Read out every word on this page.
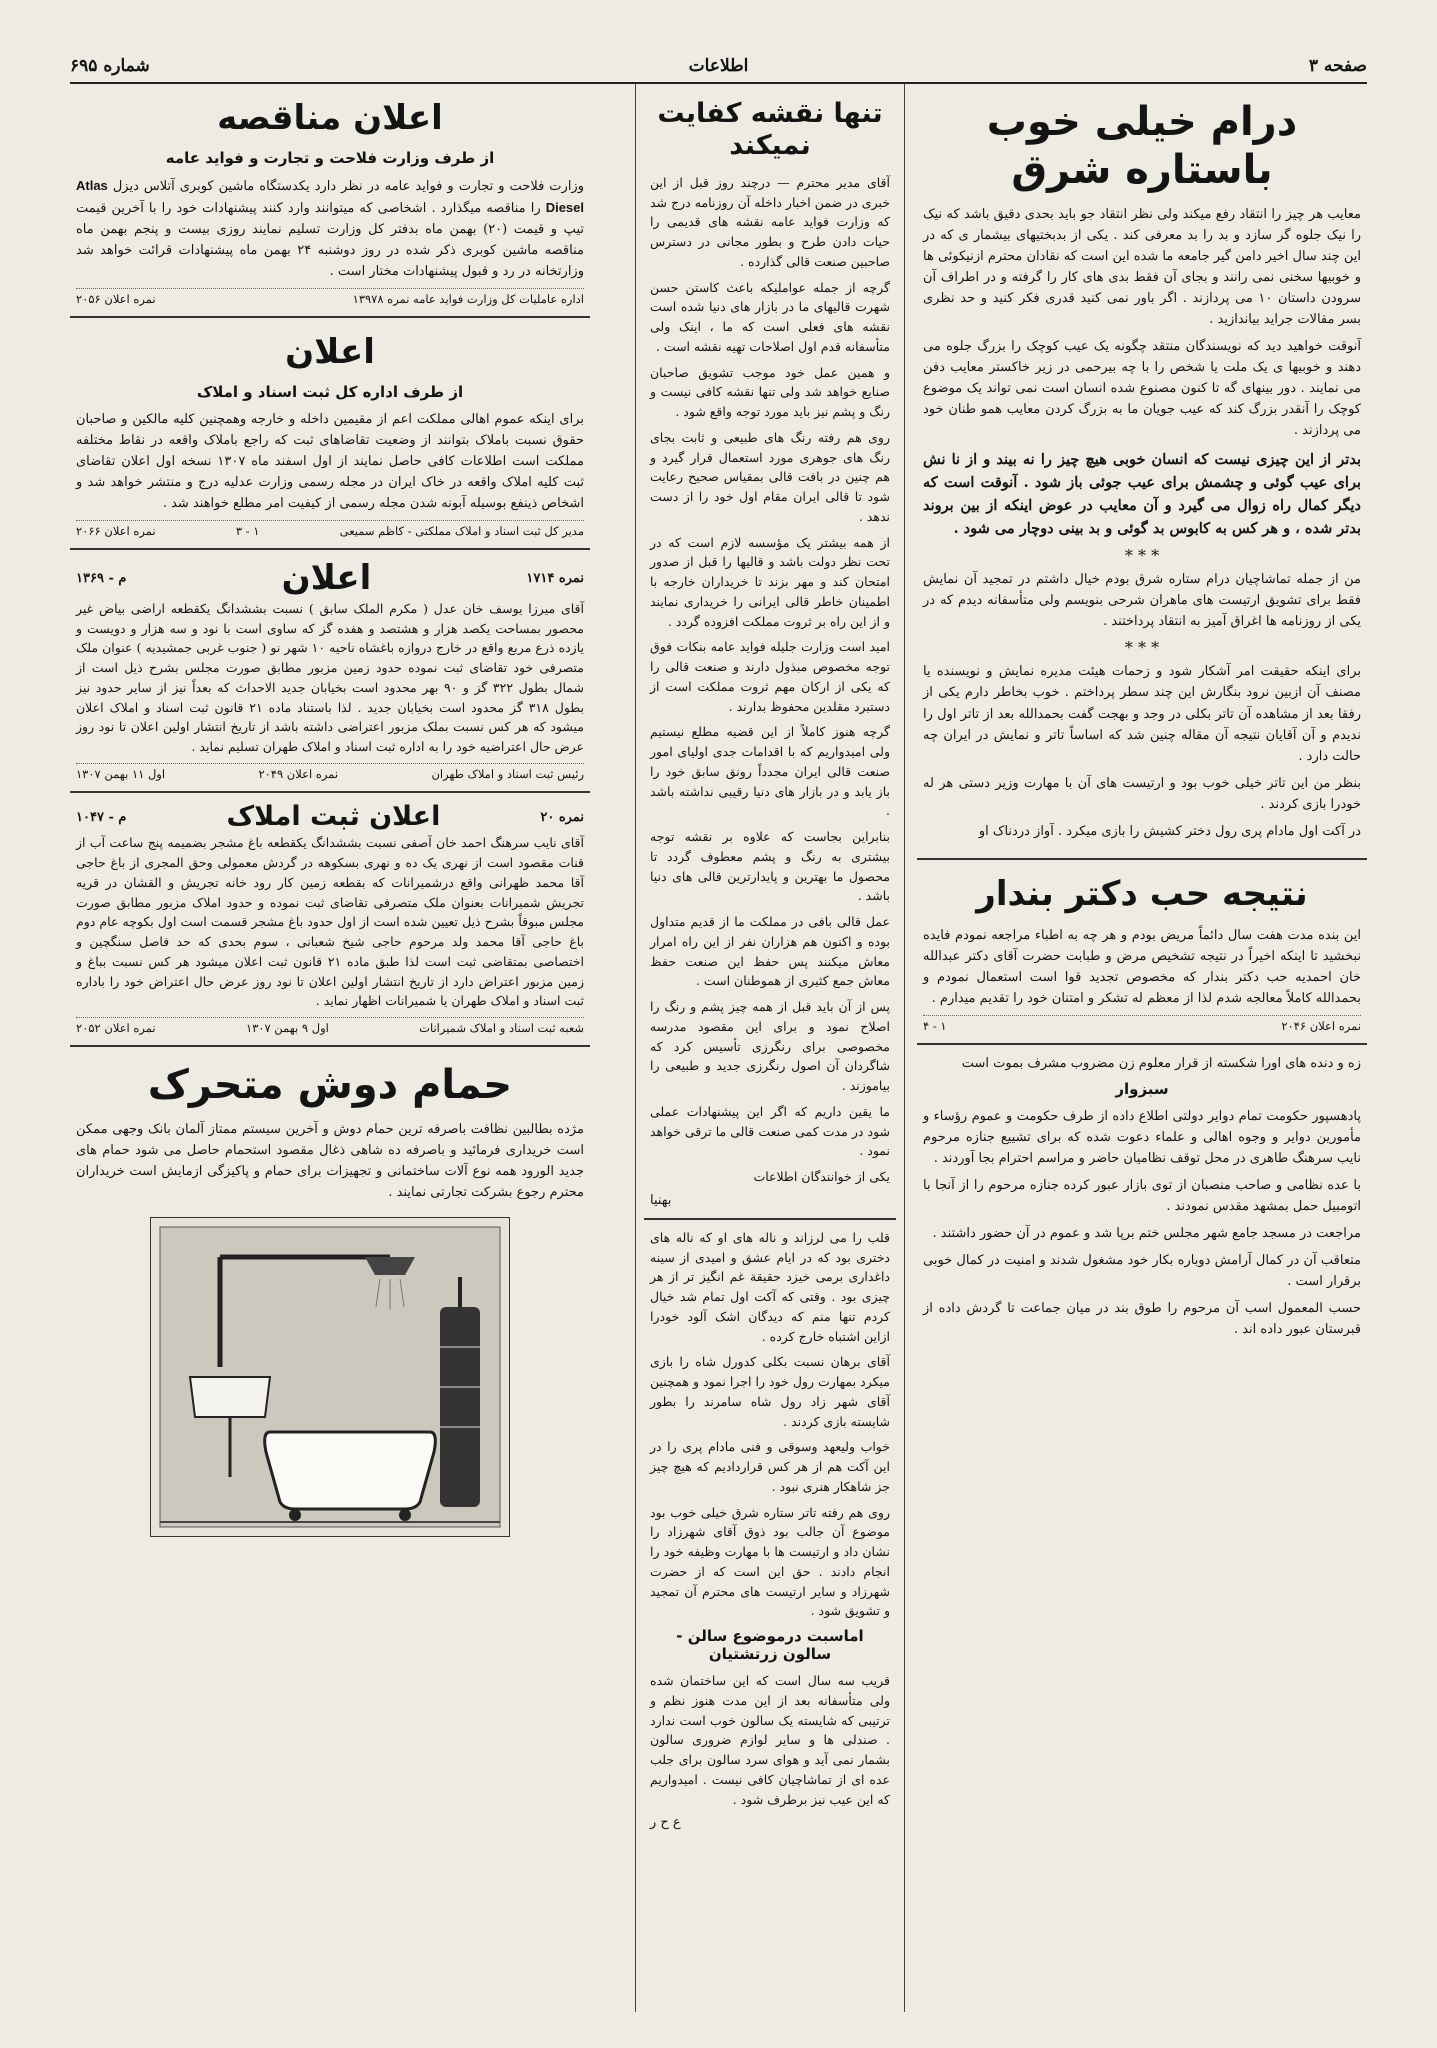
صفحه ۳
اطلاعات
شماره ۶۹۵
درام خیلی خوب باستاره شرق

معایب هر چیز را انتقاد رفع میکند ولی نظر انتقاد جو باید بحدی دقیق باشد که نیک را نیک جلوه گر سازد و بد را بد معرفی کند . یکی از بدبختیهای بیشمار ی که در این چند سال اخیر دامن گیر جامعه ما شده این است که نقادان محترم ازنیکوئی ها و خوبیها سخنی نمی رانند و بجای آن فقط بدی های کار را گرفته و در اطراف آن سرودن داستان ۱۰ می پردازند . اگر باور نمی کنید قدری فکر کنید و حد نظری بسر مقالات جراید بیاندازید .

آنوقت خواهید دید که نویسندگان منتقد چگونه یک عیب کوچک را بزرگ جلوه می دهند و خوبیها ی یک ملت یا شخص را با چه بیرحمی در زیر خاکستر معایب دفن می نمایند . دور بینهای گه تا کنون مصنوع شده انسان است نمی تواند یک موضوع کوچک را آنقدر بزرگ کند که عیب جویان ما به بزرگ کردن معایب همو طنان خود می پردازند .

بدتر از این چیزی نیست که انسان خوبی هیچ چیز را نه بیند و از نا نش برای عیب گوئی و چشمش برای عیب جوئی باز شود . آنوقت است که دیگر کمال راه زوال می گیرد و آن معایب در عوض اینکه از بین بروند بدتر شده ، و هر کس به کابوس بد گوئی و بد بینی دوچار می شود .

* * *

من از جمله تماشاچیان درام ستاره شرق بودم خیال داشتم در تمجید آن نمایش فقط برای تشویق ارتیست های ماهران شرحی بنویسم ولی متأسفانه دیدم که در یکی از روزنامه ها اغراق آمیز به انتقاد پرداختند .

* * *

برای اینکه حقیقت امر آشکار شود و زحمات هیئت مدیره نمایش و نویسنده یا مصنف آن ازبین نرود بنگارش این چند سطر پرداختم . خوب بخاطر دارم یکی از رفقا بعد از مشاهده آن تاتر بکلی در وجد و بهجت گفت بحمدالله بعد از تاتر اول را ندیدم و آن آقایان نتیجه آن مقاله چنین شد که اساساً تاتر و نمایش در ایران چه حالت دارد .

بنظر من این تاتر خیلی خوب بود و ارتیست های آن با مهارت وزیر دستی هر له خودرا بازی کردند .

در آکت اول مادام پری رول دختر کشیش را بازی میکرد . آواز دردناک او

نتیجه حب دکتر بندار

این بنده مدت هفت سال دائماً مریض بودم و هر چه به اطباء مراجعه نمودم فایده نبخشید تا اینکه اخیراً در نتیجه تشخیص مرض و طبابت حضرت آقای دکتر عبدالله خان احمدیه حب دکتر بندار که مخصوص تجدید قوا است استعمال نمودم و بحمدالله کاملاً معالجه شدم لذا از معظم له تشکر و امتنان خود را تقدیم میدارم .

نمره اعلان ۲۰۴۶
۱ - ۴

زه و دنده های اورا شکسته از قرار معلوم زن مضروب مشرف بموت است

سبزوار

پادهسپور حکومت تمام دوایر دولتی اطلاع داده از طرف حکومت و عموم رؤساء و مأمورین دوایر و وجوه اهالی و علماء دعوت شده که برای تشییع جنازه مرحوم نایب سرهنگ طاهری در محل توقف نظامیان حاضر و مراسم احترام بجا آوردند .

با عده نظامی و صاحب منصبان از توی بازار عبور کرده جنازه مرحوم را از آنجا با اتومبیل حمل بمشهد مقدس نمودند .

مراجعت در مسجد جامع شهر مجلس ختم برپا شد و عموم در آن حضور داشتند .

متعاقب آن در کمال آرامش دوباره بکار خود مشغول شدند و امنیت در کمال خوبی برقرار است .

حسب المعمول اسب آن مرحوم را طوق بند در میان جماعت تا گردش داده از قبرستان عبور داده اند .

تنها نقشه کفایت نمیکند

آقای مدیر محترم — درچند روز قبل از این خبری در ضمن اخبار داخله آن روزنامه درج شد که وزارت فواید عامه نقشه های قدیمی را حیات دادن طرح و بطور مجانی در دسترس صاحبین صنعت قالی گذارده .

گرچه از جمله عواملیکه باعث کاستن حسن شهرت قالیهای ما در بازار های دنیا شده است نقشه های فعلی است که ما ، اینک ولی متأسفانه قدم اول اصلاحات تهیه نقشه است .

و همین عمل خود موجب تشویق صاحبان صنایع خواهد شد ولی تنها نقشه کافی نیست و رنگ و پشم نیز باید مورد توجه واقع شود .

روی هم رفته رنگ های طبیعی و ثابت بجای رنگ های جوهری مورد استعمال قرار گیرد و هم چنین در بافت قالی بمقیاس صحیح رعایت شود تا قالی ایران مقام اول خود را از دست ندهد .

از همه بیشتر یک مؤسسه لازم است که در تحت نظر دولت باشد و قالیها را قبل از صدور امتحان کند و مهر بزند تا خریداران خارجه با اطمینان خاطر قالی ایرانی را خریداری نمایند و از این راه بر ثروت مملکت افزوده گردد .

امید است وزارت جلیله فواید عامه بنکات فوق توجه مخصوص مبذول دارند و صنعت قالی را که یکی از ارکان مهم ثروت مملکت است از دستبرد مقلدین محفوظ بدارند .

گرچه هنوز کاملاً از این قضیه مطلع نیستیم ولی امیدواریم که با اقدامات جدی اولیای امور صنعت قالی ایران مجدداً رونق سابق خود را باز یابد و در بازار های دنیا رقیبی نداشته باشد .

بنابراین بجاست که علاوه بر نقشه توجه بیشتری به رنگ و پشم معطوف گردد تا محصول ما بهترین و پایدارترین قالی های دنیا باشد .

عمل قالی بافی در مملکت ما از قدیم متداول بوده و اکنون هم هزاران نفر از این راه امرار معاش میکنند پس حفظ این صنعت حفظ معاش جمع کثیری از هموطنان است .

پس از آن باید قبل از همه چیز پشم و رنگ را اصلاح نمود و برای این مقصود مدرسه مخصوصی برای رنگرزی تأسیس کرد که شاگردان آن اصول رنگرزی جدید و طبیعی را بیاموزند .

ما یقین داریم که اگر این پیشنهادات عملی شود در مدت کمی صنعت قالی ما ترقی خواهد نمود .

یکی از خوانندگان اطلاعات

بهنیا

قلب را می لرزاند و ناله های او که ناله های دختری بود که در ایام عشق و امیدی از سینه داغداری برمی خیزد حقیقة غم انگیز تر از هر چیزی بود . وقتی که آکت اول تمام شد خیال کردم تنها منم که دیدگان اشک آلود خودرا ازاین اشتباه خارج کرده .

آقای برهان نسبت بکلی کدورل شاه را بازی میکرد بمهارت رول خود را اجرا نمود و همچنین آقای شهر زاد رول شاه سامرند را بطور شایسته بازی کردند .

خواب ولیعهد وسوقی و فنی مادام پری را در این آکت هم از هر کس قراردادیم که هیچ چیز جز شاهکار هنری نبود .

روی هم رفته تاتر ستاره شرق خیلی خوب بود موضوع آن جالب بود ذوق آقای شهرزاد را نشان داد و ارتیست ها با مهارت وظیفه خود را انجام دادند . حق این است که از حضرت شهرزاد و سایر ارتیست های محترم آن تمجید و تشویق شود .

اماسبت درموضوع سالن - سالون زرتشتیان

قریب سه سال است که این ساختمان شده ولی متأسفانه بعد از این مدت هنوز نظم و ترتیبی که شایسته یک سالون خوب است ندارد . صندلی ها و سایر لوازم ضروری سالون بشمار نمی آید و هوای سرد سالون برای جلب عده ای از تماشاچیان کافی نیست . امیدواریم که این عیب نیز برطرف شود .

ع ح ر
اعلان مناقصه
از طرف وزارت فلاحت و تجارت و فواید عامه

وزارت فلاحت و تجارت و فواید عامه در نظر دارد یکدستگاه ماشین کوبری آتلاس دیزل Atlas Diesel را مناقصه میگذارد . اشخاصی که میتوانند وارد کنند پیشنهادات خود را با آخرین قیمت تیپ و قیمت (۲۰) بهمن ماه بدفتر کل وزارت تسلیم نمایند روزی بیست و پنجم بهمن ماه مناقصه ماشین کوبری ذکر شده در روز دوشنبه ۲۴ بهمن ماه پیشنهادات قرائت خواهد شد وزارتخانه در رد و قبول پیشنهادات مختار است .

اداره عاملیات کل وزارت فواید عامه نمره ۱۳۹۷۸
نمره اعلان ۲۰۵۶
اعلان
از طرف اداره کل ثبت اسناد و املاک

برای اینکه عموم اهالی مملکت اعم از مقیمین داخله و خارجه وهمچنین کلیه مالکین و صاحبان حقوق نسبت باملاک بتوانند از وضعیت تقاضاهای ثبت که راجع باملاک واقعه در نقاط مختلفه مملکت است اطلاعات کافی حاصل نمایند از اول اسفند ماه ۱۳۰۷ نسخه اول اعلان تقاضای ثبت کلیه املاک واقعه در خاک ایران در مجله رسمی وزارت عدلیه درج و منتشر خواهد شد و اشخاص ذینفع بوسیله آبونه شدن مجله رسمی از کیفیت امر مطلع خواهند شد .

مدیر کل ثبت اسناد و املاک مملکتی - کاظم سمیعی
۱ - ۳
نمره اعلان ۲۰۶۶
نمره ۱۷۱۴
اعلان
م - ۱۳۶۹

آقای میرزا یوسف خان عدل ( مکرم الملک سابق ) نسبت بششدانگ یکقطعه اراضی بیاض غیر محصور بمساحت یکصد هزار و هشتصد و هفده گز که ساوی است با نود و سه هزار و دویست و یازده ذرع مربع واقع در خارج دروازه باغشاه ناحیه ۱۰ شهر نو ( جنوب غربی جمشیدیه ) عنوان ملک متصرفی خود تقاضای ثبت نموده حدود زمین مزبور مطابق صورت مجلس بشرح ذیل است از شمال بطول ۳۲۲ گز و ۹۰ بهر محدود است بخیابان جدید الاحداث که بعداً نیز از سایر حدود نیز بطول ۳۱۸ گز محدود است بخیابان جدید . لذا باستناد ماده ۲۱ قانون ثبت اسناد و املاک اعلان میشود که هر کس نسبت بملک مزبور اعتراضی داشته باشد از تاریخ انتشار اولین اعلان تا نود روز عرض حال اعتراضیه خود را به اداره ثبت اسناد و املاک طهران تسلیم نماید .

رئیس ثبت اسناد و املاک طهران
نمره اعلان ۲۰۴۹
اول ۱۱ بهمن ۱۳۰۷
نمره ۲۰
اعلان ثبت املاک
م - ۱۰۴۷

آقای نایب سرهنگ احمد خان آصفی نسبت بششدانگ یکقطعه باغ مشجر بضمیمه پنج ساعت آب از قنات مقصود است از نهری یک ده و نهری بسکوهه در گردش معمولی وحق المجری از باغ حاجی آقا محمد ظهرانی واقع درشمیرانات که بقطعه زمین کار رود خانه تجریش و القشان در قریه تجریش شمیرانات بعنوان ملک متصرفی تقاضای ثبت نموده و حدود املاک مزبور مطابق صورت مجلس مبوقاً بشرح ذیل تعیین شده است از اول حدود باغ مشجر قسمت است اول بکوچه عام دوم باغ حاجی آقا محمد ولد مرحوم حاجی شیخ شعبانی ، سوم بحدی که حد فاصل سنگچین و اختصاصی بمتقاضی ثبت است لذا طبق ماده ۲۱ قانون ثبت اعلان میشود هر کس نسبت بباغ و زمین مزبور اعتراض دارد از تاریخ انتشار اولین اعلان تا نود روز عرض حال اعتراض خود را باداره ثبت اسناد و املاک طهران یا شمیرانات اظهار نماید .

شعبه ثبت اسناد و املاک شمیرانات
اول ۹ بهمن ۱۳۰۷
نمره اعلان ۲۰۵۲
حمام دوش متحرک

مژده بطالبین نظافت باصرفه ترین حمام دوش و آخرین سیستم ممتاز آلمان بانک وجهی ممکن است خریداری فرمائید و باصرفه ده شاهی ذغال مقصود استحمام حاصل می شود حمام های جدید الورود همه نوع آلات ساختمانی و تجهیزات برای حمام و پاکیزگی ازمایش است خریداران محترم رجوع بشرکت تجارتی نمایند .
